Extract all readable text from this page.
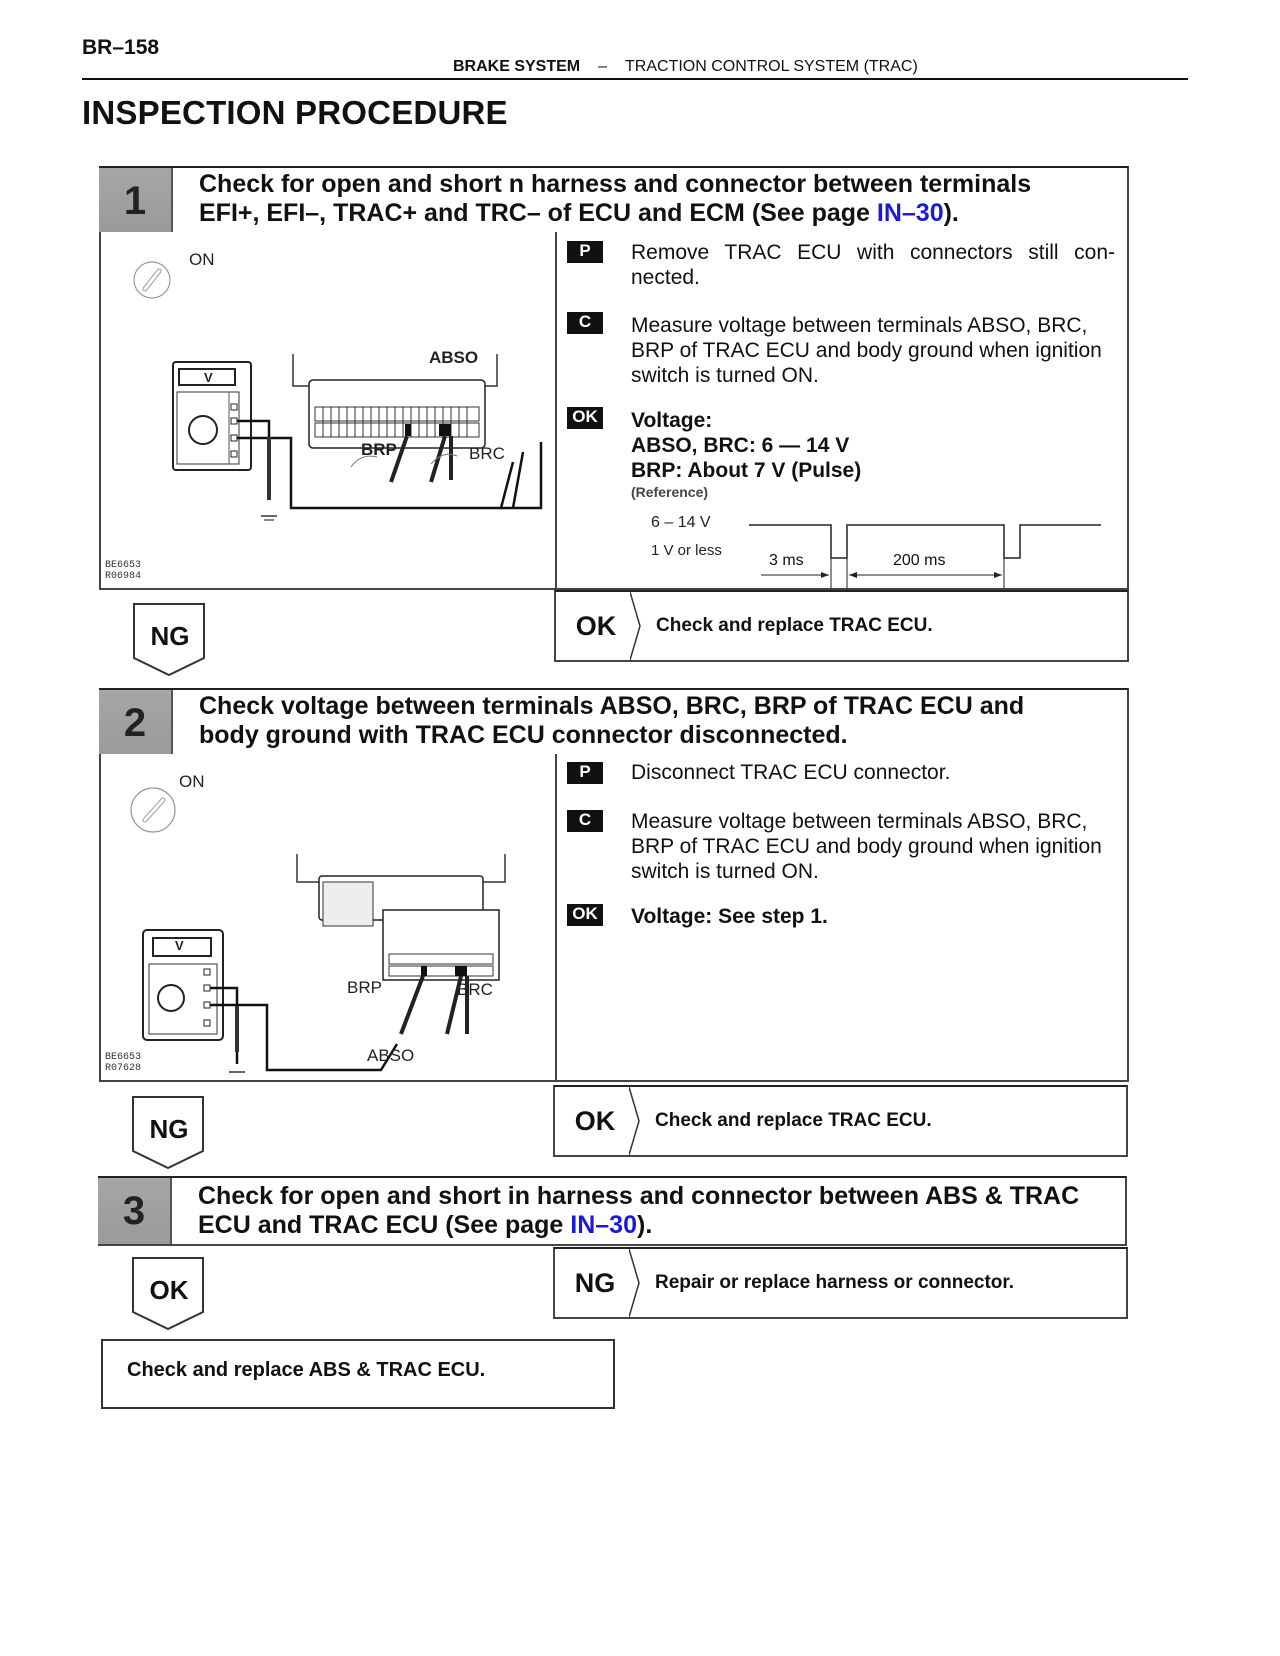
BR–158
BRAKE SYSTEM – TRACTION CONTROL SYSTEM (TRAC)
INSPECTION PROCEDURE
1	Check for open and short n harness and connector between terminals
EFI+, EFI–, TRAC+ and TRC– of ECU and ECM (See page IN–30).
ON
V
ABSO
BRP	BRC
BE6653
R06984
P	Remove TRAC ECU with connectors still con-nected.
C	Measure voltage between terminals ABSO, BRC, BRP of TRAC ECU and body ground when ignition switch is turned ON.
OK Voltage:
ABSO, BRC: 6 — 14 V
BRP: About 7 V (Pulse)
(Reference)
6 – 14 V
1 V or less
3 ms	200 ms
NG	OK	Check and replace TRAC ECU.
2	Check voltage between terminals ABSO, BRC, BRP of TRAC ECU and
body ground with TRAC ECU connector disconnected.
ON
V
BRP	BRC
ABSO
BE6653
R07628
P	Disconnect TRAC ECU connector.
C	Measure voltage between terminals ABSO, BRC, BRP of TRAC ECU and body ground when ignition switch is turned ON.
OK Voltage: See step 1.
NG	OK	Check and replace TRAC ECU.
3	Check for open and short in harness and connector between ABS & TRAC
ECU and TRAC ECU (See page IN–30).
OK	NG	Repair or replace harness or connector.
Check and replace ABS & TRAC ECU.
